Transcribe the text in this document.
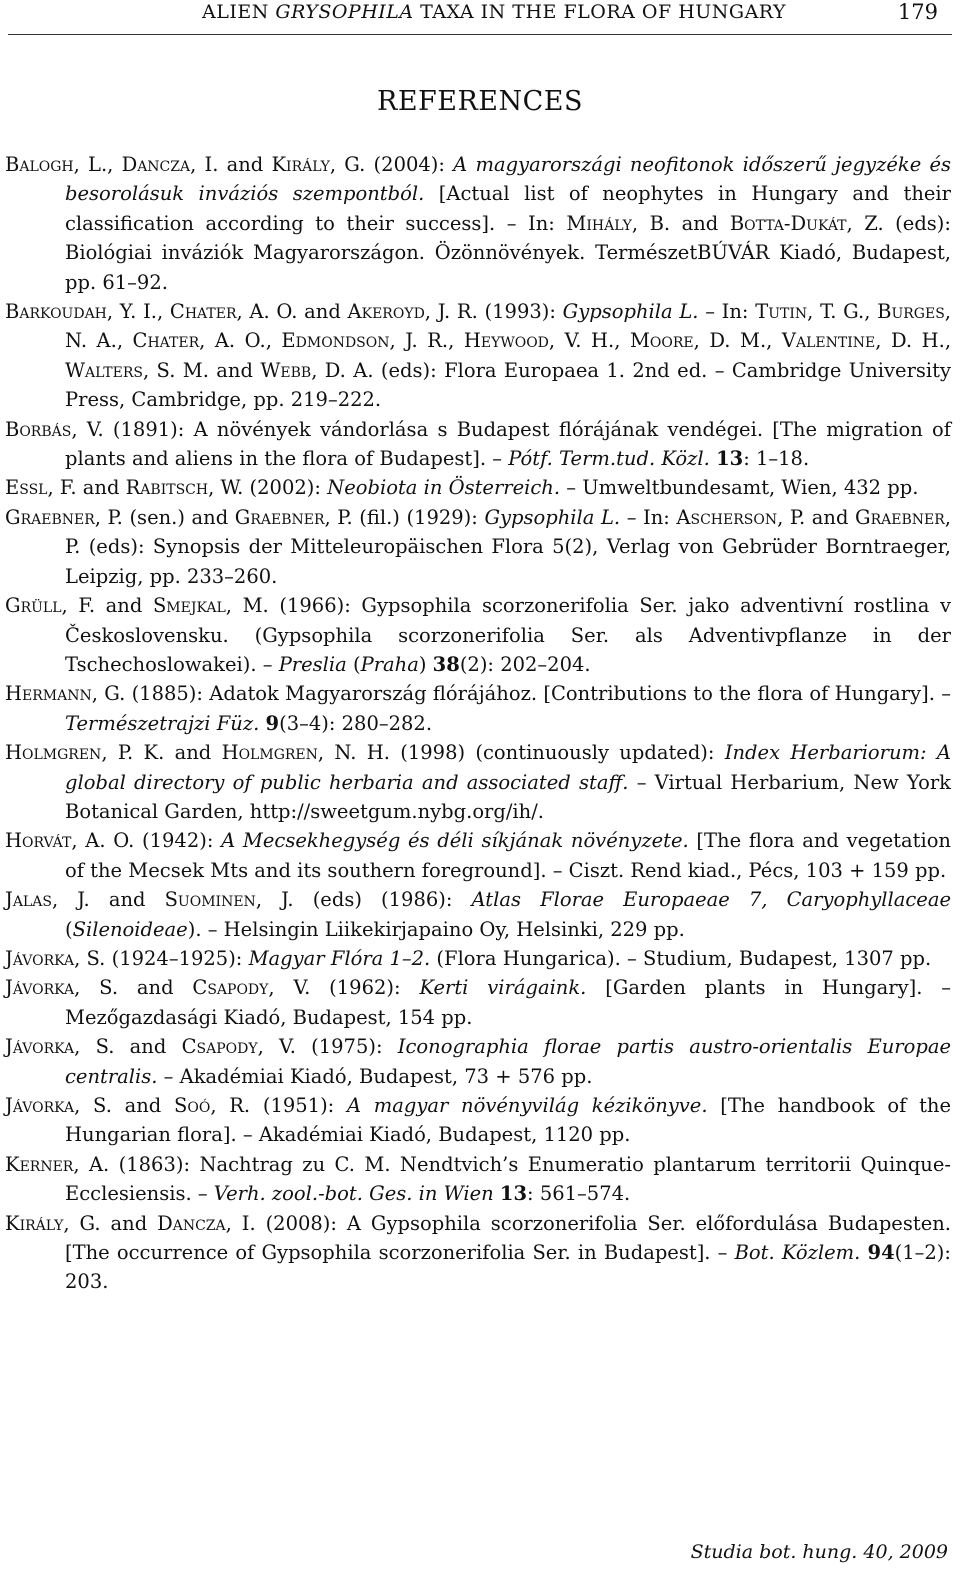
ALIEN GRYSOPHILA TAXA IN THE FLORA OF HUNGARY	179
REFERENCES

Balogh, L., Dancza, I. and Király, G. (2004): A magyarországi neofitonok időszerű jegyzéke és besorolásuk inváziós szempontból. [Actual list of neophytes in Hungary and their classification according to their success]. – In: Mihály, B. and Botta-Dukát, Z. (eds): Biológiai inváziók Magyarországon. Özönnövények. TermészetBÚVÁR Kiadó, Budapest, pp. 61–92.

Barkoudah, Y. I., Chater, A. O. and Akeroyd, J. R. (1993): Gypsophila L. – In: Tutin, T. G., Burges, N. A., Chater, A. O., Edmondson, J. R., Heywood, V. H., Moore, D. M., Valentine, D. H., Walters, S. M. and Webb, D. A. (eds): Flora Europaea 1. 2nd ed. – Cambridge University Press, Cambridge, pp. 219–222.

Borbás, V. (1891): A növények vándorlása s Budapest flórájának vendégei. [The migration of plants and aliens in the flora of Budapest]. – Pótf. Term.tud. Közl. 13: 1–18.

Essl, F. and Rabitsch, W. (2002): Neobiota in Österreich. – Umweltbundesamt, Wien, 432 pp.

Graebner, P. (sen.) and Graebner, P. (fil.) (1929): Gypsophila L. – In: Ascherson, P. and Graebner, P. (eds): Synopsis der Mitteleuropäischen Flora 5(2), Verlag von Gebrüder Borntraeger, Leipzig, pp. 233–260.

Grüll, F. and Smejkal, M. (1966): Gypsophila scorzonerifolia Ser. jako adventivní rostlina v Československu. (Gypsophila scorzonerifolia Ser. als Adventivpflanze in der Tschechoslowakei). – Preslia (Praha) 38(2): 202–204.

Hermann, G. (1885): Adatok Magyarország flórájához. [Contributions to the flora of Hungary]. – Természetrajzi Füz. 9(3–4): 280–282.

Holmgren, P. K. and Holmgren, N. H. (1998) (continuously updated): Index Herbariorum: A global directory of public herbaria and associated staff. – Virtual Herbarium, New York Botanical Garden, http://sweetgum.nybg.org/ih/.

Horvát, A. O. (1942): A Mecsekhegység és déli síkjának növényzete. [The flora and vegetation of the Mecsek Mts and its southern foreground]. – Ciszt. Rend kiad., Pécs, 103 + 159 pp.

Jalas, J. and Suominen, J. (eds) (1986): Atlas Florae Europaeae 7, Caryophyllaceae (Silenoideae). – Helsingin Liikekirjapaino Oy, Helsinki, 229 pp.

Jávorka, S. (1924–1925): Magyar Flóra 1–2. (Flora Hungarica). – Studium, Budapest, 1307 pp.

Jávorka, S. and Csapody, V. (1962): Kerti virágaink. [Garden plants in Hungary]. – Mezőgazdasági Kiadó, Budapest, 154 pp.

Jávorka, S. and Csapody, V. (1975): Iconographia florae partis austro-orientalis Europae centralis. – Akadémiai Kiadó, Budapest, 73 + 576 pp.

Jávorka, S. and Soó, R. (1951): A magyar növényvilág kézikönyve. [The handbook of the Hungarian flora]. – Akadémiai Kiadó, Budapest, 1120 pp.

Kerner, A. (1863): Nachtrag zu C. M. Nendtvich’s Enumeratio plantarum territorii Quinque-Ecclesiensis. – Verh. zool.-bot. Ges. in Wien 13: 561–574.

Király, G. and Dancza, I. (2008): A Gypsophila scorzonerifolia Ser. előfordulása Budapesten. [The occurrence of Gypsophila scorzonerifolia Ser. in Budapest]. – Bot. Közlem. 94(1–2): 203.

Studia bot. hung. 40, 2009
